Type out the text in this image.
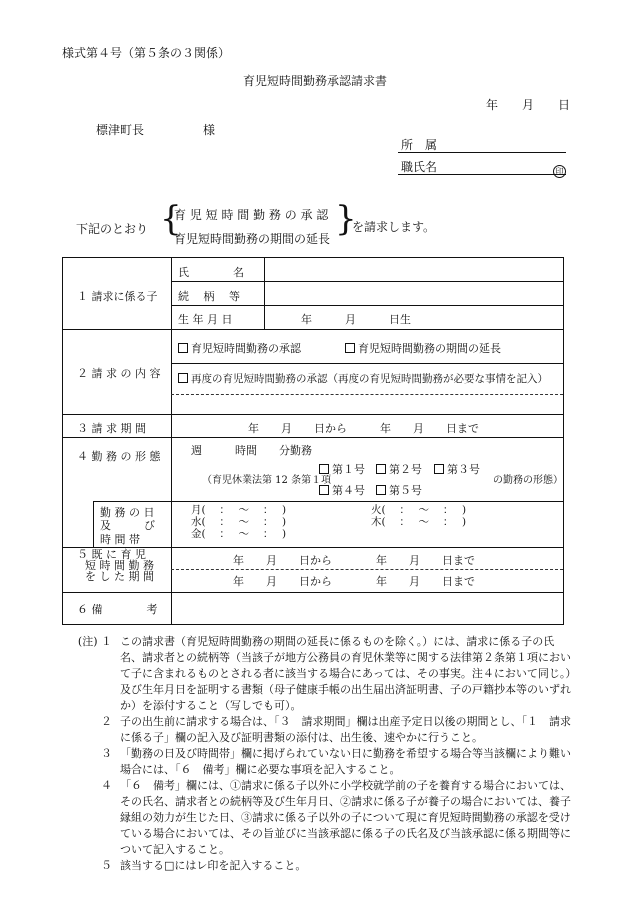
様式第４号（第５条の３関係）
育児短時間勤務承認請求書
年　　月　　日
標津町長	様
所　属
職氏名	印
下記のとおり {
育 児 短 時 間 勤 務 の 承 認
育児短時間勤務の期間の延長 }
を請求します。
１ 請求に係る子
氏　　　　名
続　 柄　 等
生 年 月 日	年　　　月　　　日生
２ 請 求 の 内 容
育児短時間勤務の承認	育児短時間勤務の期間の延長
再度の育児短時間勤務の承認（再度の育児短時間勤務が必要な事情を記入）
３ 請 求 期 間	年　　月　　日から　　　年　　月　　日まで
４ 勤 務 の 形 態	週　　　時間　　分勤務
（育児休業法第 12 条第１項
第１号	第２号	第３号
第４号	第５号
の勤務の形態）
勤 務 の 日
及　　　び
時 間 帯
月(　 ：　 〜　 ：　 )	火(　 ：　 〜　 ：　 )
水(　 ：　 〜　 ：　 )	木(　 ：　 〜　 ：　 )
金(　 ：　 〜　 ：　 )
５ 既 に 育 児
短 時 間 勤 務
を し た 期 間
年　　月　　日から　　　　年　　月　　日まで
年　　月　　日から　　　　年　　月　　日まで
６ 備　　　　考
(注) １ この請求書（育児短時間勤務の期間の延長に係るものを除く。）には、請求に係る子の氏名、請求者との続柄等（当該子が地方公務員の育児休業等に関する法律第２条第１項において子に含まれるものとされる者に該当する場合にあっては、その事実。注４において同じ。）及び生年月日を証明する書類（母子健康手帳の出生届出済証明書、子の戸籍抄本等のいずれか）を添付すること（写しでも可）。
２ 子の出生前に請求する場合は、「３　請求期間」欄は出産予定日以後の期間とし、「１　請求に係る子」欄の記入及び証明書類の添付は、出生後、速やかに行うこと。
３ 「勤務の日及び時間帯」欄に掲げられていない日に勤務を希望する場合等当該欄により難い場合には、「６　備考」欄に必要な事項を記入すること。
４ 「６　備考」欄には、①請求に係る子以外に小学校就学前の子を養育する場合においては、その氏名、請求者との続柄等及び生年月日、②請求に係る子が養子の場合においては、養子縁組の効力が生じた日、③請求に係る子以外の子について現に育児短時間勤務の承認を受けている場合においては、その旨並びに当該承認に係る子の氏名及び当該承認に係る期間等について記入すること。
５ 該当する□にはレ印を記入すること。
